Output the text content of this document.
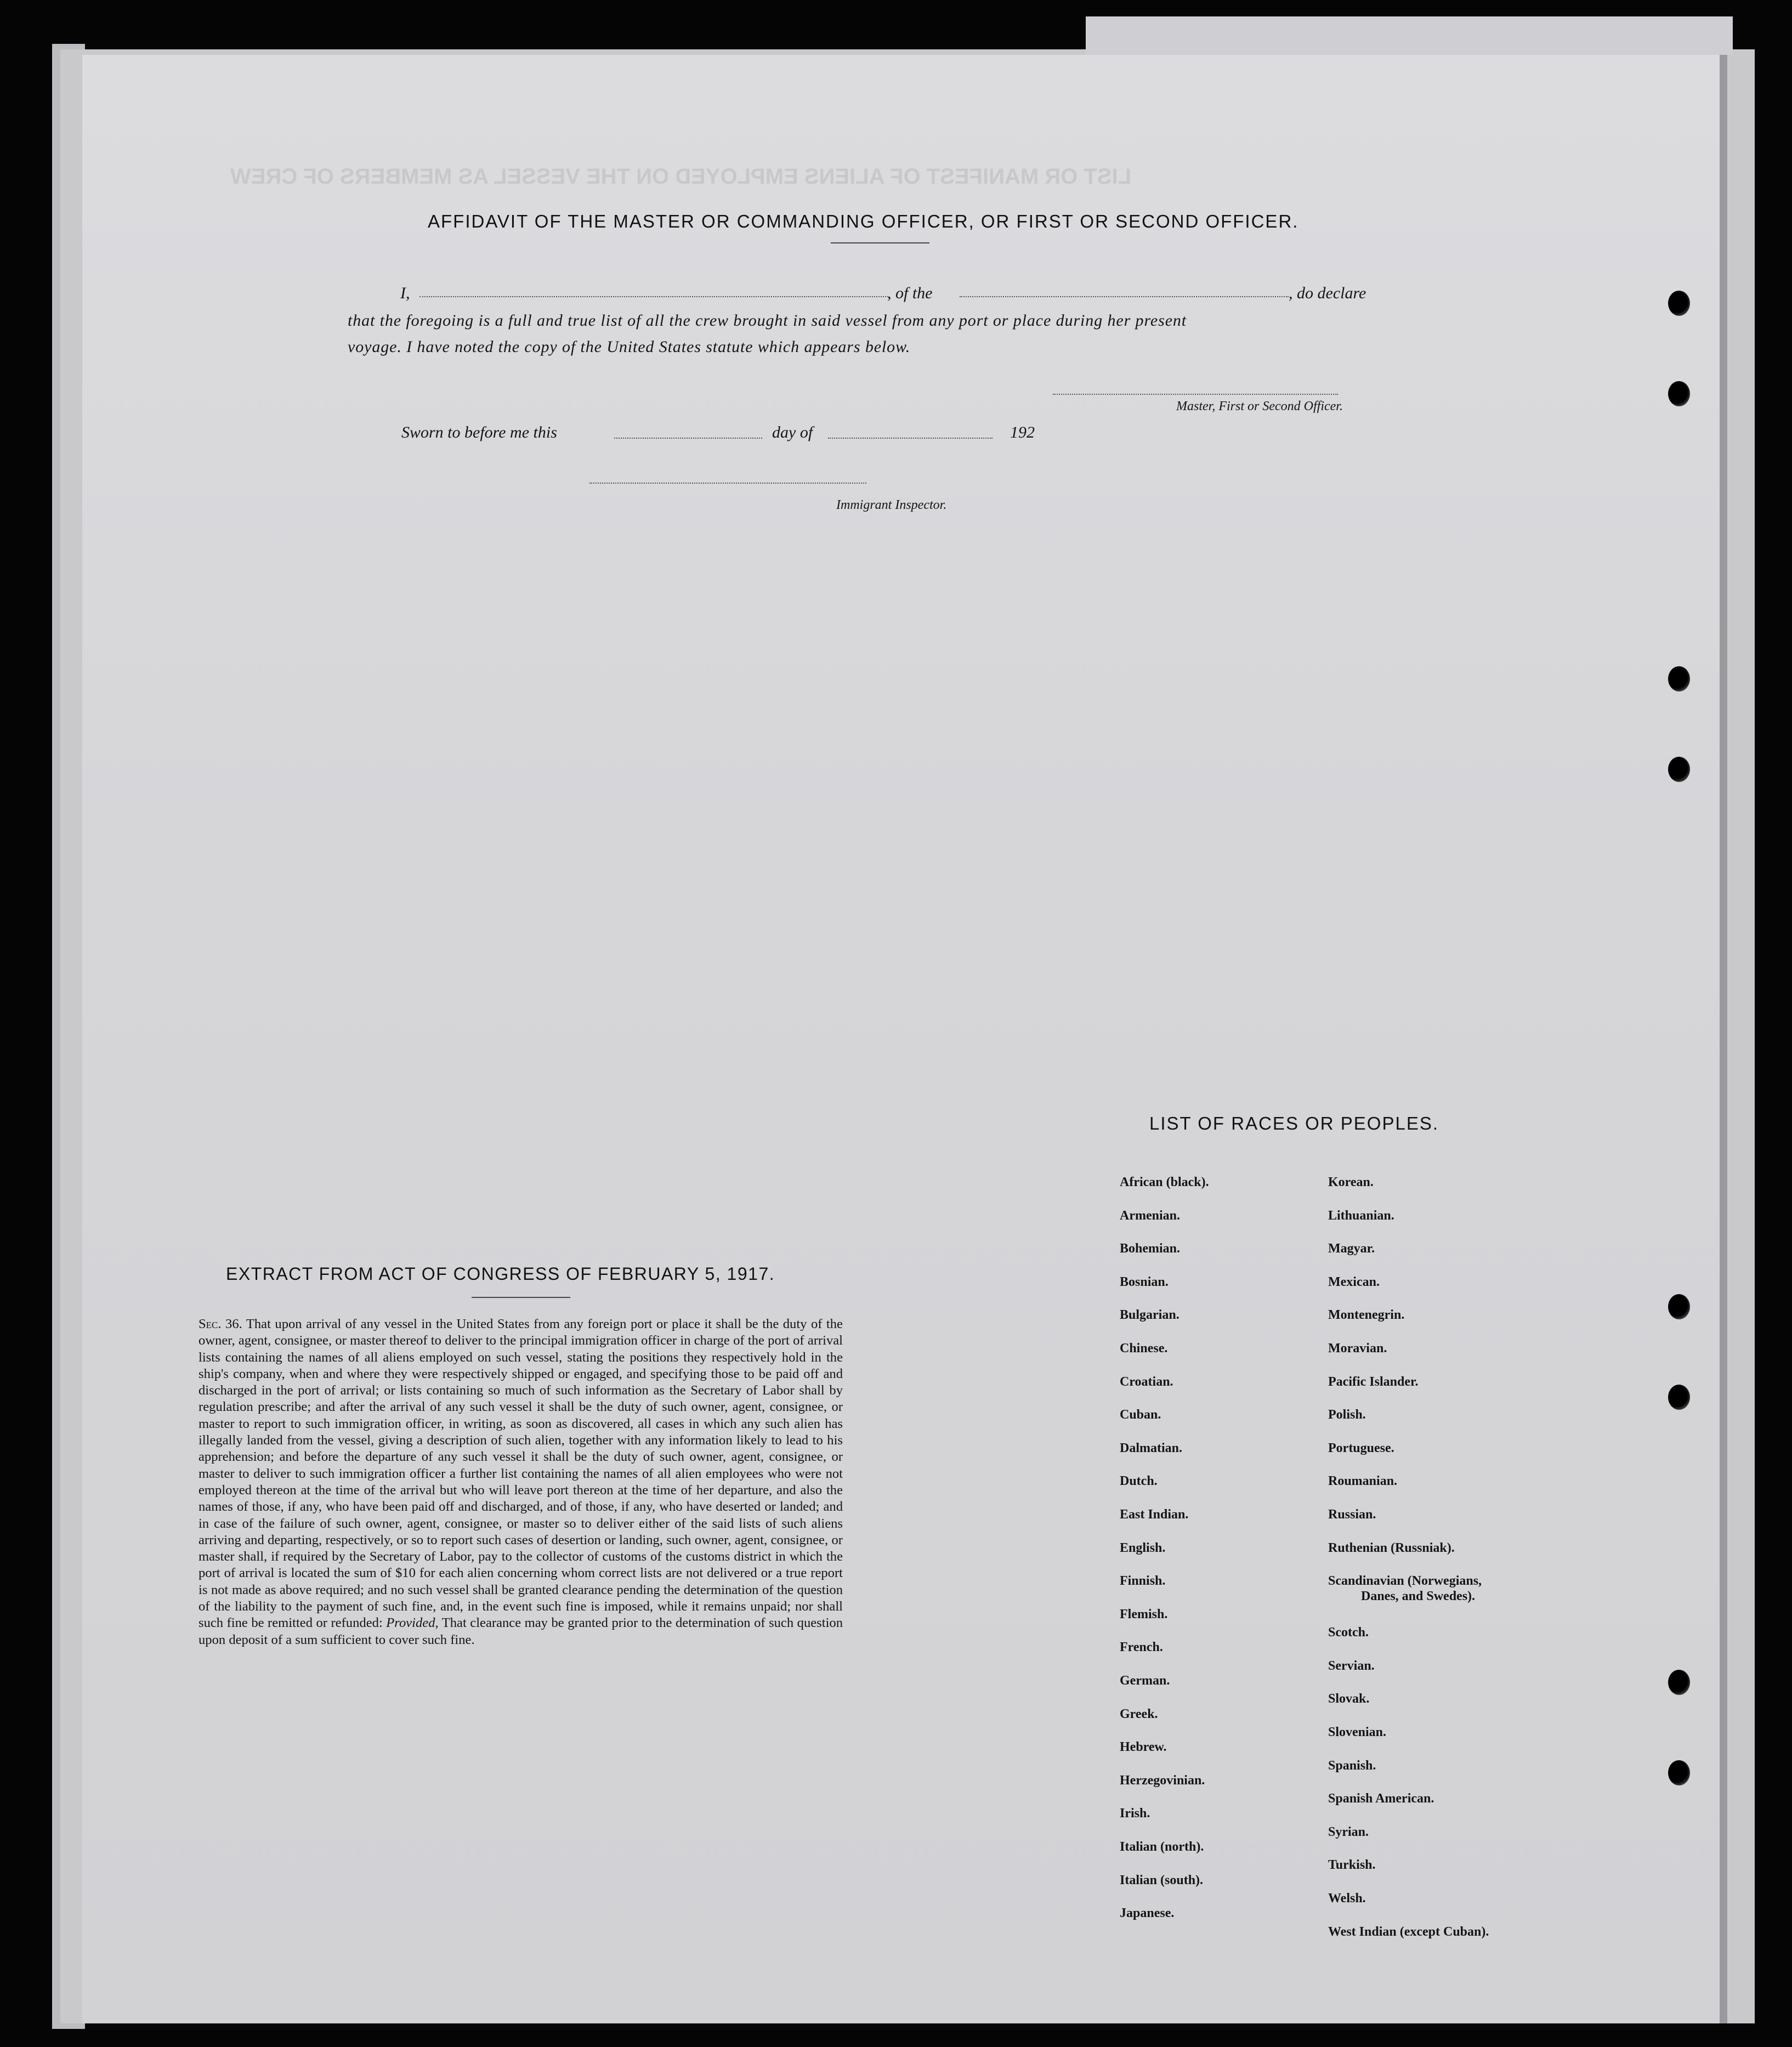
LIST OR MANIFEST OF ALIENS EMPLOYED ON THE VESSEL AS MEMBERS OF CREW
AFFIDAVIT OF THE MASTER OR COMMANDING OFFICER, OR FIRST OR SECOND OFFICER.
I,	, of the	, do declare
that the foregoing is a full and true list of all the crew brought in said vessel from any port or place during her present
voyage. I have noted the copy of the United States statute which appears below.
Master, First or Second Officer.
Sworn to before me this	day of	192
Immigrant Inspector.
EXTRACT FROM ACT OF CONGRESS OF FEBRUARY 5, 1917.
Sec. 36. That upon arrival of any vessel in the United States from any foreign port or place it shall be the duty of the owner, agent, consignee, or master thereof to deliver to the principal immigration officer in charge of the port of arrival lists containing the names of all aliens employed on such vessel, stating the positions they respectively hold in the ship's company, when and where they were respectively shipped or engaged, and specifying those to be paid off and discharged in the port of arrival; or lists containing so much of such information as the Secretary of Labor shall by regulation prescribe; and after the arrival of any such vessel it shall be the duty of such owner, agent, consignee, or master to report to such immigration officer, in writing, as soon as discovered, all cases in which any such alien has illegally landed from the vessel, giving a description of such alien, together with any information likely to lead to his apprehension; and before the departure of any such vessel it shall be the duty of such owner, agent, consignee, or master to deliver to such immigration officer a further list containing the names of all alien employees who were not employed thereon at the time of the arrival but who will leave port thereon at the time of her departure, and also the names of those, if any, who have been paid off and discharged, and of those, if any, who have deserted or landed; and in case of the failure of such owner, agent, consignee, or master so to deliver either of the said lists of such aliens arriving and departing, respectively, or so to report such cases of desertion or landing, such owner, agent, consignee, or master shall, if required by the Secretary of Labor, pay to the collector of customs of the customs district in which the port of arrival is located the sum of $10 for each alien concerning whom correct lists are not delivered or a true report is not made as above required; and no such vessel shall be granted clearance pending the determination of the question of the liability to the payment of such fine, and, in the event such fine is imposed, while it remains unpaid; nor shall such fine be remitted or refunded: Provided, That clearance may be granted prior to the determination of such question upon deposit of a sum sufficient to cover such fine.
LIST OF RACES OR PEOPLES.
African (black).
Armenian.
Bohemian.
Bosnian.
Bulgarian.
Chinese.
Croatian.
Cuban.
Dalmatian.
Dutch.
East Indian.
English.
Finnish.
Flemish.
French.
German.
Greek.
Hebrew.
Herzegovinian.
Irish.
Italian (north).
Italian (south).
Japanese.
Korean.
Lithuanian.
Magyar.
Mexican.
Montenegrin.
Moravian.
Pacific Islander.
Polish.
Portuguese.
Roumanian.
Russian.
Ruthenian (Russniak).
Scandinavian (Norwegians,
Danes, and Swedes).
Scotch.
Servian.
Slovak.
Slovenian.
Spanish.
Spanish American.
Syrian.
Turkish.
Welsh.
West Indian (except Cuban).
